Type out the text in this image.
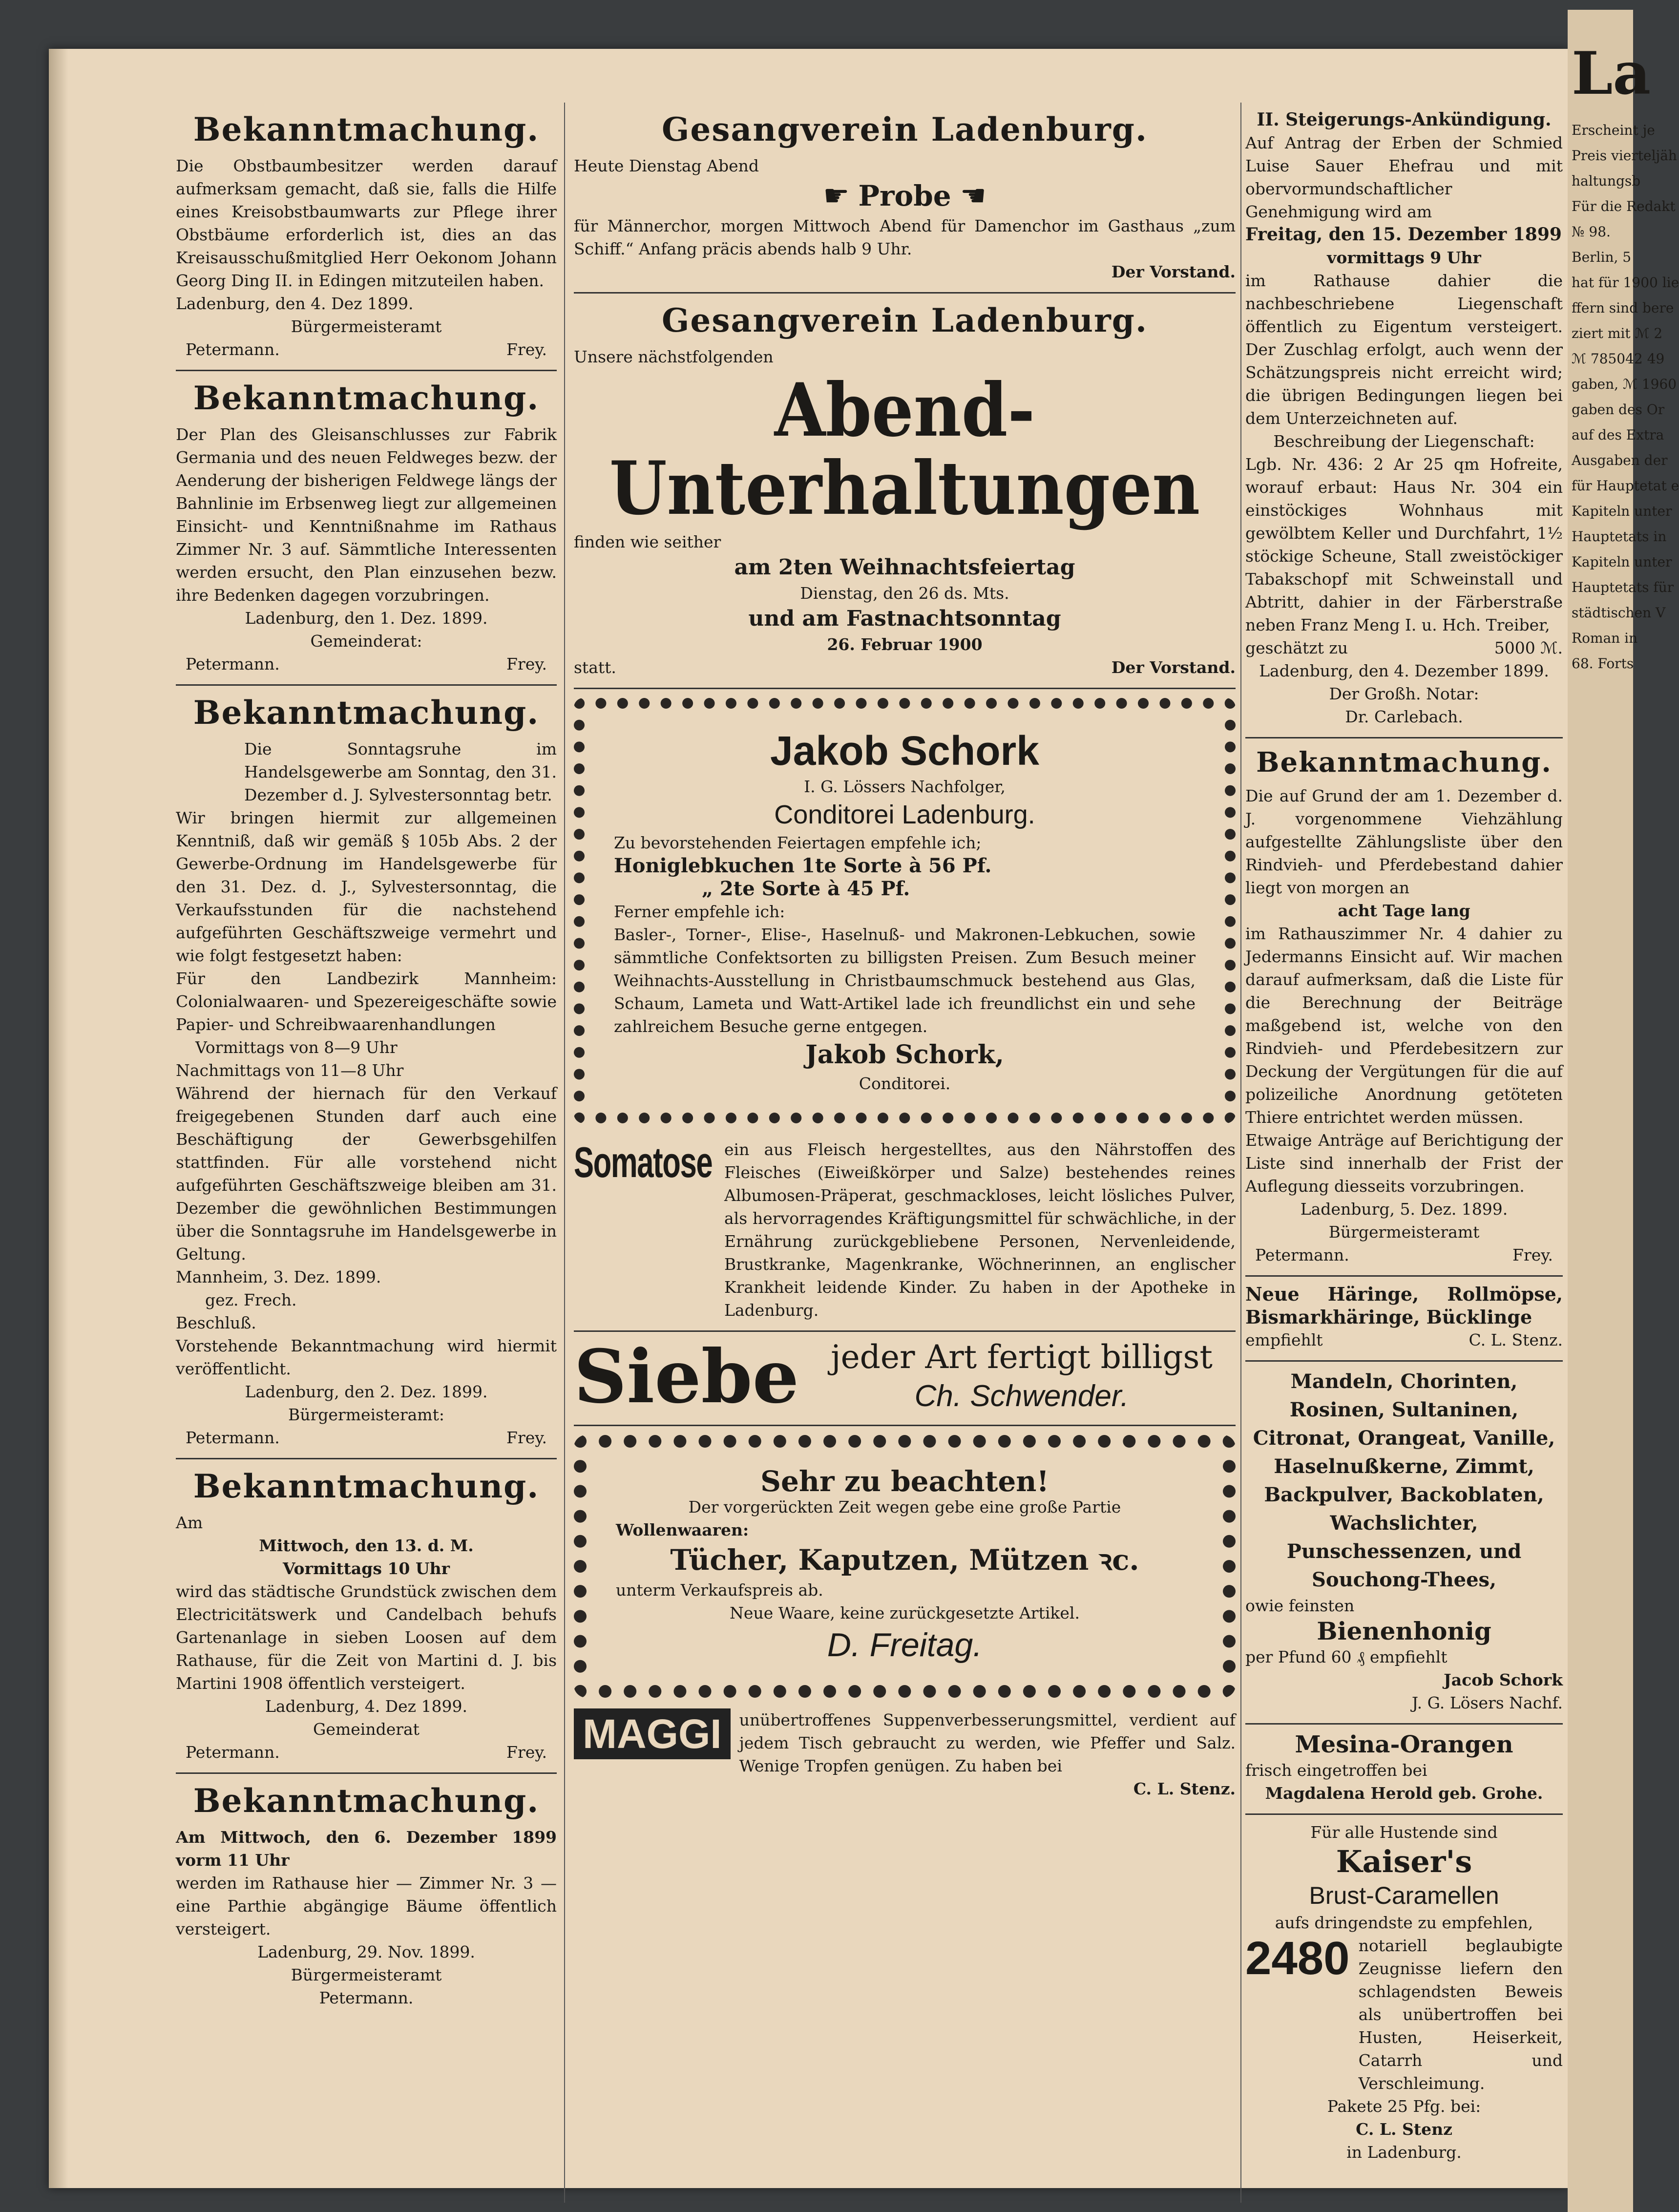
Bekanntmachung.

Die Obstbaumbesitzer werden darauf aufmerksam gemacht, daß sie, falls die Hilfe eines Kreisobstbaumwarts zur Pflege ihrer Obstbäume erforderlich ist, dies an das Kreisausschußmitglied Herr Oekonom Johann Georg Ding II. in Edingen mitzuteilen haben.

Ladenburg, den 4. Dez 1899.

Bürgermeisteramt

Petermann.	Frey.
Bekanntmachung.

Der Plan des Gleisanschlusses zur Fabrik Germania und des neuen Feldweges bezw. der Aenderung der bisherigen Feldwege längs der Bahnlinie im Erbsenweg liegt zur allgemeinen Einsicht- und Kenntnißnahme im Rathaus Zimmer Nr. 3 auf. Sämmtliche Interessenten werden ersucht, den Plan einzusehen bezw. ihre Bedenken dagegen vorzubringen.

Ladenburg, den 1. Dez. 1899.

Gemeinderat:

Petermann.	Frey.
Bekanntmachung.

Die Sonntagsruhe im Handelsgewerbe am Sonntag, den 31. Dezember d. J. Sylvestersonntag betr.

Wir bringen hiermit zur allgemeinen Kenntniß, daß wir gemäß § 105b Abs. 2 der Gewerbe-Ordnung im Handelsgewerbe für den 31. Dez. d. J., Sylvestersonntag, die Verkaufsstunden für die nachstehend aufgeführten Geschäftszweige vermehrt und wie folgt festgesetzt haben:

Für den Landbezirk Mannheim: Colonialwaaren- und Spezereigeschäfte sowie Papier- und Schreibwaarenhandlungen

Vormittags von 8—9 Uhr

Nachmittags von 11—8 Uhr

Während der hiernach für den Verkauf freigegebenen Stunden darf auch eine Beschäftigung der Gewerbsgehilfen stattfinden. Für alle vorstehend nicht aufgeführten Geschäftszweige bleiben am 31. Dezember die gewöhnlichen Bestimmungen über die Sonntagsruhe im Handelsgewerbe in Geltung.

Mannheim, 3. Dez. 1899.

gez. Frech.

Beschluß.

Vorstehende Bekanntmachung wird hiermit veröffentlicht.

Ladenburg, den 2. Dez. 1899.

Bürgermeisteramt:

Petermann.	Frey.
Bekanntmachung.

Am

Mittwoch, den 13. d. M.

Vormittags 10 Uhr

wird das städtische Grundstück zwischen dem Electricitätswerk und Candelbach behufs Gartenanlage in sieben Loosen auf dem Rathause, für die Zeit von Martini d. J. bis Martini 1908 öffentlich versteigert.

Ladenburg, 4. Dez 1899.

Gemeinderat

Petermann.	Frey.
Bekanntmachung.

Am Mittwoch, den 6. Dezember 1899 vorm 11 Uhr

werden im Rathause hier — Zimmer Nr. 3 — eine Parthie abgängige Bäume öffentlich versteigert.

Ladenburg, 29. Nov. 1899.

Bürgermeisteramt

Petermann.

Gesangverein Ladenburg.

Heute Dienstag Abend

☛ Probe ☛

für Männerchor, morgen Mittwoch Abend für Damenchor im Gasthaus „zum Schiff.“ Anfang präcis abends halb 9 Uhr.

Der Vorstand.

Gesangverein Ladenburg.

Unsere nächstfolgenden

Abend-Unterhaltungen

finden wie seither

am 2ten Weihnachtsfeiertag

Dienstag, den 26 ds. Mts.

und am Fastnachtsonntag

26. Februar 1900

statt.	Der Vorstand.
Jakob Schork

I. G. Lössers Nachfolger,

Conditorei Ladenburg.

Zu bevorstehenden Feiertagen empfehle ich;

Honiglebkuchen 1te Sorte à 56 Pf.

„ 2te Sorte à 45 Pf.

Ferner empfehle ich:

Basler-, Torner-, Elise-, Haselnuß- und Makronen-Lebkuchen, sowie sämmtliche Confektsorten zu billigsten Preisen. Zum Besuch meiner Weihnachts-Ausstellung in Christbaumschmuck bestehend aus Glas, Schaum, Lameta und Watt-Artikel lade ich freundlichst ein und sehe zahlreichem Besuche gerne entgegen.

Jakob Schork,

Conditorei.

Somatose ein aus Fleisch hergestelltes, aus den Nährstoffen des Fleisches (Eiweißkörper und Salze) bestehendes reines Albumosen-Präperat, geschmackloses, leicht lösliches Pulver, als hervorragendes Kräftigungsmittel für schwächliche, in der Ernährung zurückgebliebene Personen, Nervenleidende, Brustkranke, Magenkranke, Wöchnerinnen, an englischer Krankheit leidende Kinder. Zu haben in der Apotheke in Ladenburg.

Siebe jeder Art fertigt billigst

Ch. Schwender.

Sehr zu beachten!

Der vorgerückten Zeit wegen gebe eine große Partie

Wollenwaaren:

Tücher, Kaputzen, Mützen ꝛc.

unterm Verkaufspreis ab.

Neue Waare, keine zurückgesetzte Artikel.

D. Freitag.

MAGGI	unübertroffenes Suppenverbesserungsmittel, verdient auf jedem Tisch gebraucht zu werden, wie Pfeffer und Salz. Wenige Tropfen genügen. Zu haben bei

C. L. Stenz.

II. Steigerungs-Ankündigung.

Auf Antrag der Erben der Schmied Luise Sauer Ehefrau und mit obervormundschaftlicher Genehmigung wird am

Freitag, den 15. Dezember 1899

vormittags 9 Uhr

im Rathause dahier die nachbeschriebene Liegenschaft öffentlich zu Eigentum versteigert. Der Zuschlag erfolgt, auch wenn der Schätzungspreis nicht erreicht wird; die übrigen Bedingungen liegen bei dem Unterzeichneten auf.

Beschreibung der Liegenschaft:

Lgb. Nr. 436: 2 Ar 25 qm Hofreite, worauf erbaut: Haus Nr. 304 ein einstöckiges Wohnhaus mit gewölbtem Keller und Durchfahrt, 1½ stöckige Scheune, Stall zweistöckiger Tabakschopf mit Schweinstall und Abtritt, dahier in der Färberstraße neben Franz Meng I. u. Hch. Treiber,

geschätzt zu	5000 ℳ.

Ladenburg, den 4. Dezember 1899.

Der Großh. Notar:

Dr. Carlebach.

Bekanntmachung.

Die auf Grund der am 1. Dezember d. J. vorgenommene Viehzählung aufgestellte Zählungsliste über den Rindvieh- und Pferdebestand dahier liegt von morgen an

acht Tage lang

im Rathauszimmer Nr. 4 dahier zu Jedermanns Einsicht auf. Wir machen darauf aufmerksam, daß die Liste für die Berechnung der Beiträge maßgebend ist, welche von den Rindvieh- und Pferdebesitzern zur Deckung der Vergütungen für die auf polizeiliche Anordnung getöteten Thiere entrichtet werden müssen.

Etwaige Anträge auf Berichtigung der Liste sind innerhalb der Frist der Auflegung diesseits vorzubringen.

Ladenburg, 5. Dez. 1899.

Bürgermeisteramt

Petermann.	Frey.

Neue Häringe, Rollmöpse, Bismarkhäringe, Bücklinge

empfiehlt	C. L. Stenz.

Mandeln, Chorinten, Rosinen, Sultaninen, Citronat, Orangeat, Vanille, Haselnußkerne, Zimmt, Backpulver, Backoblaten, Wachslichter, Punschessenzen, und Souchong-Thees,

owie feinsten

Bienenhonig

per Pfund 60 ₰ empfiehlt

Jacob Schork

J. G. Lösers Nachf.

Mesina-Orangen

frisch eingetroffen bei

Magdalena Herold geb. Grohe.

Für alle Hustende sind

Kaiser's

Brust-Caramellen

aufs dringendste zu empfehlen,

2480 notariell beglaubigte Zeugnisse liefern den schlagendsten Beweis als unübertroffen bei Husten, Heiserkeit, Catarrh und Verschleimung.

Pakete 25 Pfg. bei:

C. L. Stenz

in Ladenburg.

La
Erscheint je
Preis vierteljäh
haltungsb
Für die Redakt
№ 98.
Berlin, 5
hat für 1900 lie
ffern sind bere
ziert mit ℳ 2
ℳ 785042 49
gaben, ℳ 1960
gaben des Or
auf des Extra
Ausgaben der
für Hauptetat e
Kapiteln unter
Hauptetats in
Kapiteln unter
Hauptetats für
städtischen V
Roman in
68. Forts
